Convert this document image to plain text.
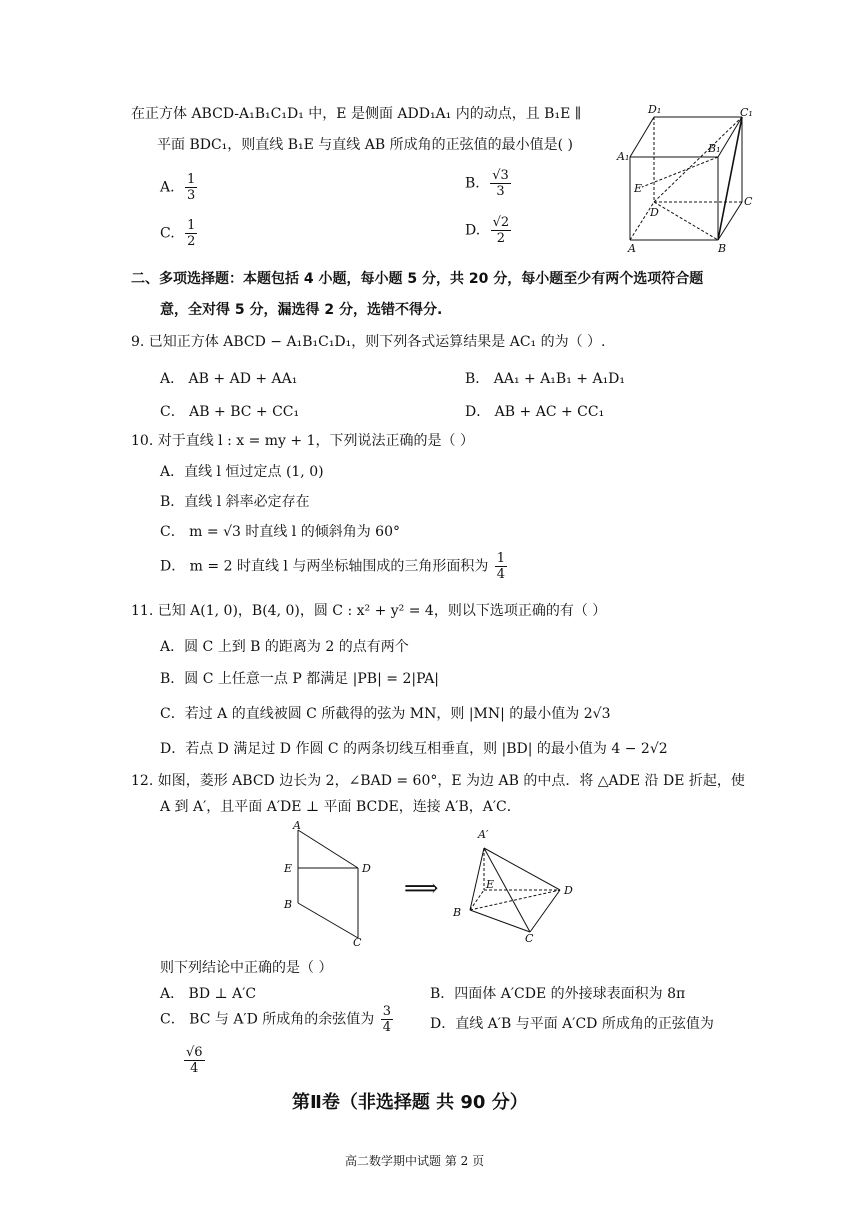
在正方体 ABCD-A₁B₁C₁D₁ 中，E 是侧面 ADD₁A₁ 内的动点，且 B₁E ∥
平面 BDC₁，则直线 B₁E 与直线 AB 所成角的正弦值的最小值是( )
A. $\frac{1}{3}$	B. $\frac{√3}{3}$
C. $\frac{1}{2}$	D. $\frac{√2}{2}$
D₁	C₁
A₁
B₁
E
D
C
A	B
二、多项选择题：本题包括 4 小题，每小题 5 分，共 20 分，每小题至少有两个选项符合题
意，全对得 5 分，漏选得 2 分，选错不得分.
9. 已知正方体 ABCD − A₁B₁C₁D₁，则下列各式运算结果是 AC₁ 的为（ ）.
A． AB + AD + AA₁	B． AA₁ + A₁B₁ + A₁D₁
C． AB + BC + CC₁	D． AB + AC + CC₁
10. 对于直线 l : x = my + 1，下列说法正确的是（ ）
A．直线 l 恒过定点 (1, 0)
B．直线 l 斜率必定存在
C． m = √3 时直线 l 的倾斜角为 60°
D． m = 2 时直线 l 与两坐标轴围成的三角形面积为 $\frac{1}{4}$
11. 已知 A(1, 0)，B(4, 0)，圆 C : x² + y² = 4，则以下选项正确的有（ ）
A．圆 C 上到 B 的距离为 2 的点有两个
B．圆 C 上任意一点 P 都满足 |PB| = 2|PA|
C．若过 A 的直线被圆 C 所截得的弦为 MN，则 |MN| 的最小值为 2√3
D．若点 D 满足过 D 作圆 C 的两条切线互相垂直，则 |BD| 的最小值为 4 − 2√2
12. 如图，菱形 ABCD 边长为 2，∠BAD = 60°，E 为边 AB 的中点．将 △ADE 沿 DE 折起，使
A 到 A′，且平面 A′DE ⊥ 平面 BCDE，连接 A′B，A′C．
A
E	D
B
C
⟹
A′
E	D
B
C
则下列结论中正确的是（ ）
A． BD ⊥ A′C	B．四面体 A′CDE 的外接球表面积为 8π
C． BC 与 A′D 所成角的余弦值为 $\frac{3}{4}$	D．直线 A′B 与平面 A′CD 所成角的正弦值为
$\frac{√6}{4}$
第Ⅱ卷（非选择题 共 90 分）
高二数学期中试题 第 2 页
